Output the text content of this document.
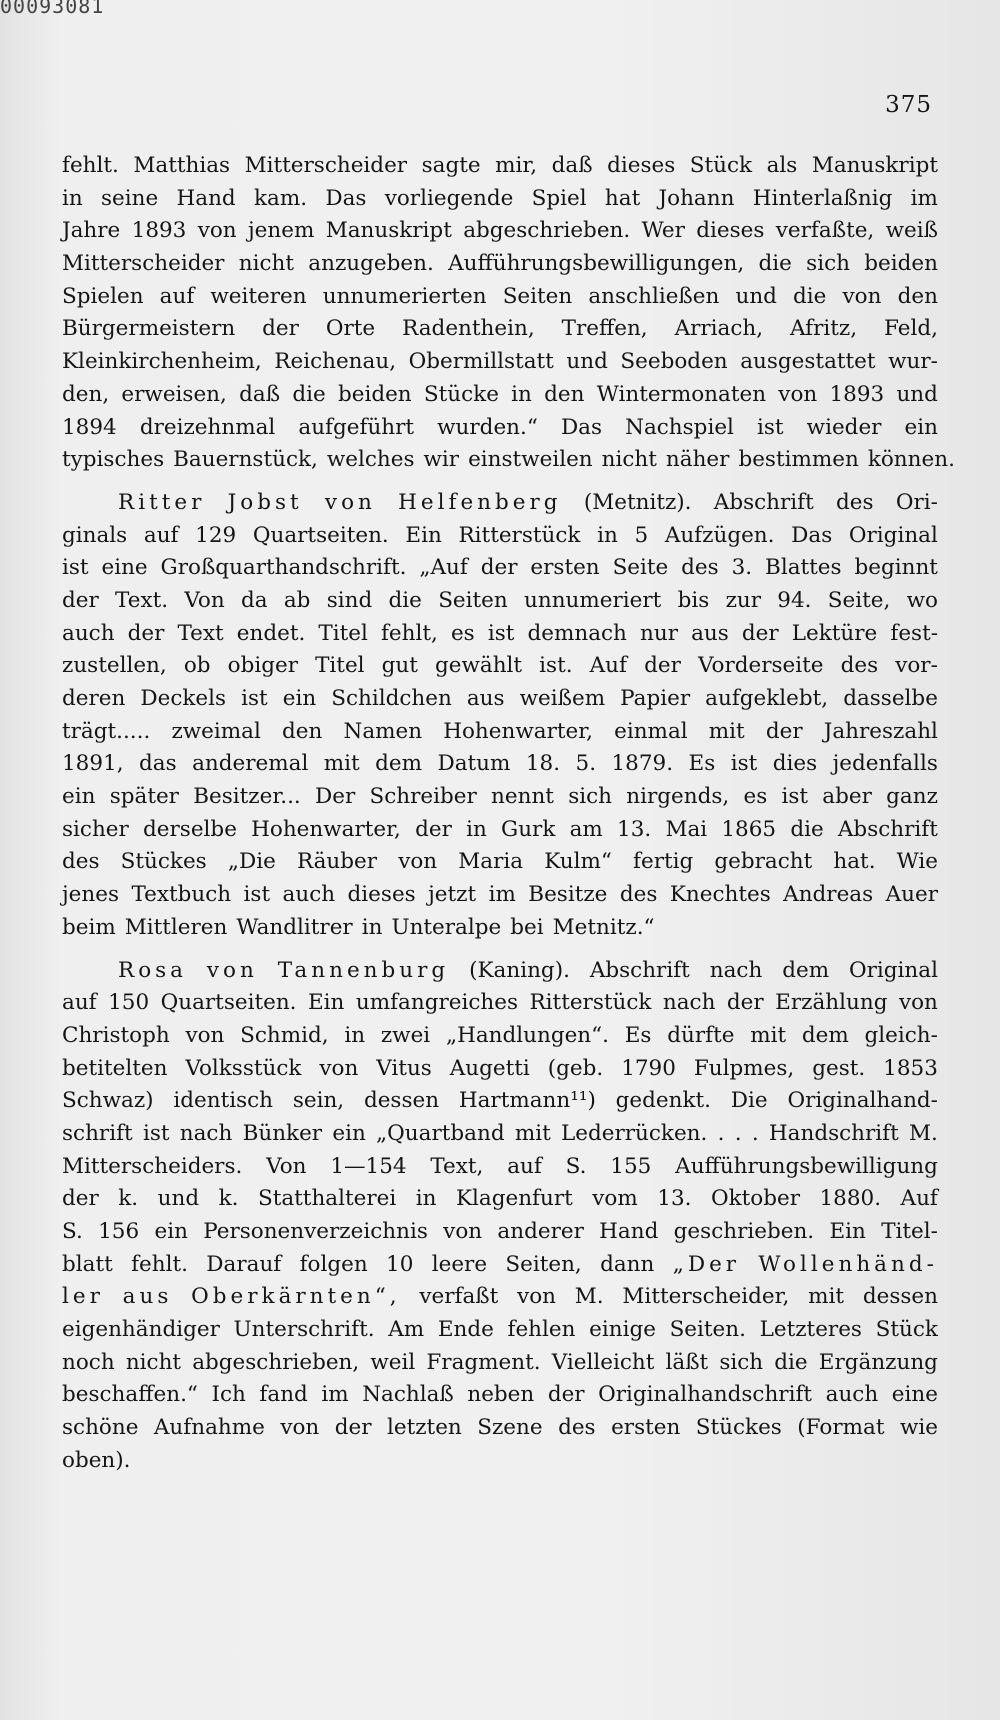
00093081
375
fehlt. Matthias Mitterscheider sagte mir, daß dieses Stück als Manuskript
in seine Hand kam. Das vorliegende Spiel hat Johann Hinterlaßnig im
Jahre 1893 von jenem Manuskript abgeschrieben. Wer dieses verfaßte, weiß
Mitterscheider nicht anzugeben. Aufführungsbewilligungen, die sich beiden
Spielen auf weiteren unnumerierten Seiten anschließen und die von den
Bürgermeistern der Orte Radenthein, Treffen, Arriach, Afritz, Feld,
Kleinkirchenheim, Reichenau, Obermillstatt und Seeboden ausgestattet wur-
den, erweisen, daß die beiden Stücke in den Wintermonaten von 1893 und
1894 dreizehnmal aufgeführt wurden.“ Das Nachspiel ist wieder ein
typisches Bauernstück, welches wir einstweilen nicht näher bestimmen können.
Ritter Jobst von Helfenberg (Metnitz). Abschrift des Ori-
ginals auf 129 Quartseiten. Ein Ritterstück in 5 Aufzügen. Das Original
ist eine Großquarthandschrift. „Auf der ersten Seite des 3. Blattes beginnt
der Text. Von da ab sind die Seiten unnumeriert bis zur 94. Seite, wo
auch der Text endet. Titel fehlt, es ist demnach nur aus der Lektüre fest-
zustellen, ob obiger Titel gut gewählt ist. Auf der Vorderseite des vor-
deren Deckels ist ein Schildchen aus weißem Papier aufgeklebt, dasselbe
trägt..... zweimal den Namen Hohenwarter, einmal mit der Jahreszahl
1891, das anderemal mit dem Datum 18. 5. 1879. Es ist dies jedenfalls
ein später Besitzer... Der Schreiber nennt sich nirgends, es ist aber ganz
sicher derselbe Hohenwarter, der in Gurk am 13. Mai 1865 die Abschrift
des Stückes „Die Räuber von Maria Kulm“ fertig gebracht hat. Wie
jenes Textbuch ist auch dieses jetzt im Besitze des Knechtes Andreas Auer
beim Mittleren Wandlitrer in Unteralpe bei Metnitz.“
Rosa von Tannenburg (Kaning). Abschrift nach dem Original
auf 150 Quartseiten. Ein umfangreiches Ritterstück nach der Erzählung von
Christoph von Schmid, in zwei „Handlungen“. Es dürfte mit dem gleich-
betitelten Volksstück von Vitus Augetti (geb. 1790 Fulpmes, gest. 1853
Schwaz) identisch sein, dessen Hartmann¹¹) gedenkt. Die Originalhand-
schrift ist nach Bünker ein „Quartband mit Lederrücken. . . . Handschrift M.
Mitterscheiders. Von 1—154 Text, auf S. 155 Aufführungsbewilligung
der k. und k. Statthalterei in Klagenfurt vom 13. Oktober 1880. Auf
S. 156 ein Personenverzeichnis von anderer Hand geschrieben. Ein Titel-
blatt fehlt. Darauf folgen 10 leere Seiten, dann „Der Wollenhänd-
ler aus Oberkärnten“, verfaßt von M. Mitterscheider, mit dessen
eigenhändiger Unterschrift. Am Ende fehlen einige Seiten. Letzteres Stück
noch nicht abgeschrieben, weil Fragment. Vielleicht läßt sich die Ergänzung
beschaffen.“ Ich fand im Nachlaß neben der Originalhandschrift auch eine
schöne Aufnahme von der letzten Szene des ersten Stückes (Format wie
oben).
